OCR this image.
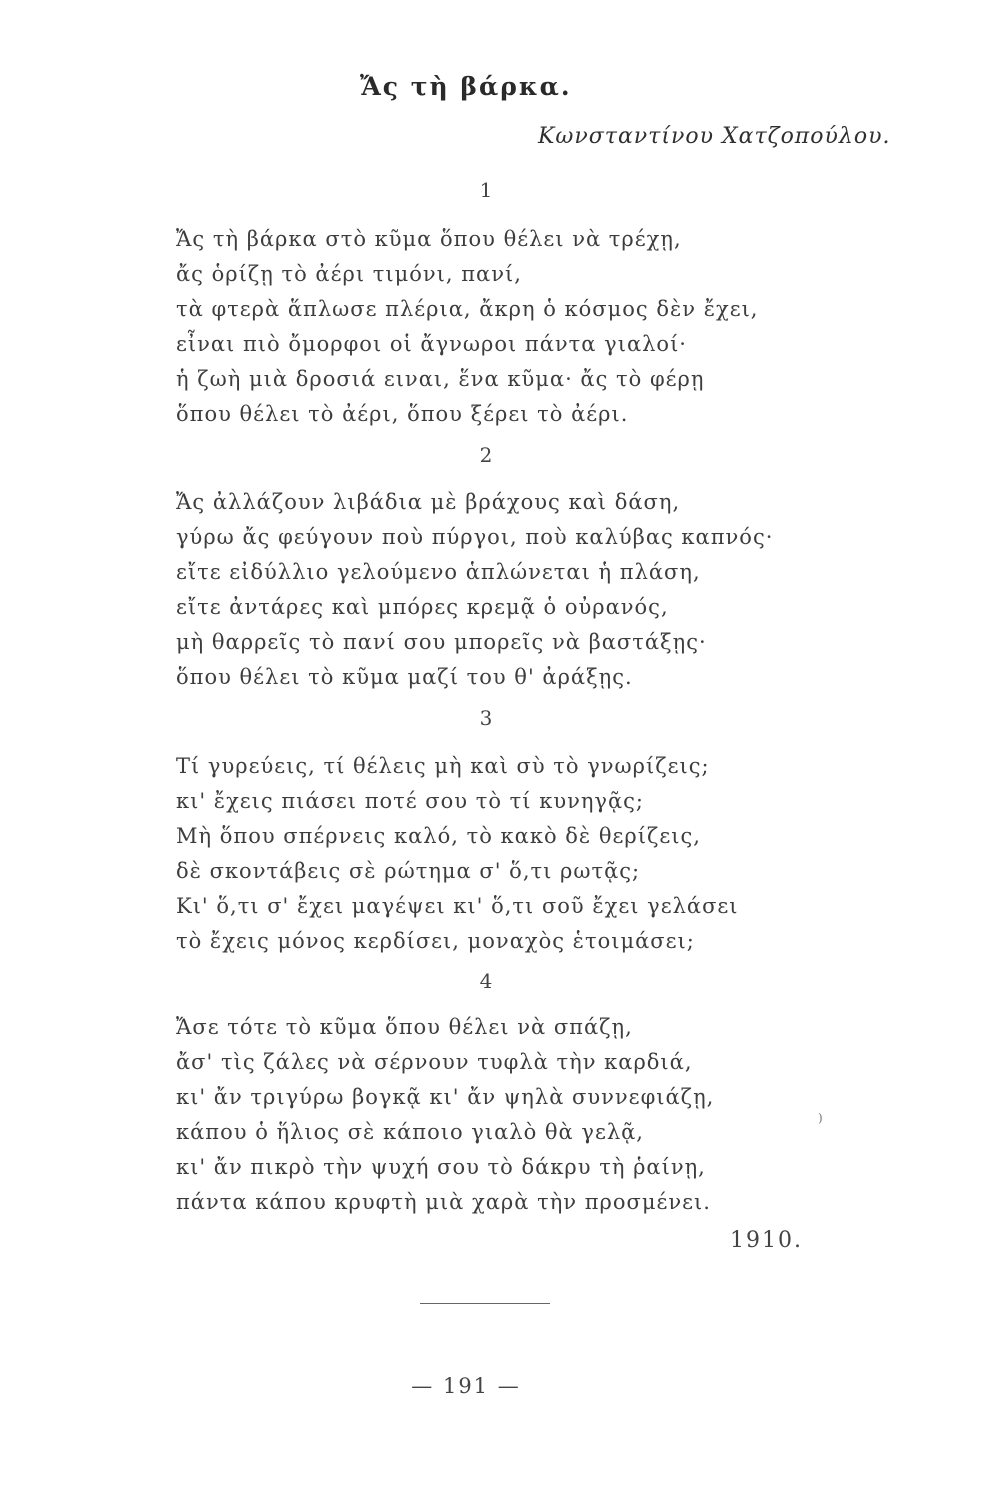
Ἄς τὴ βάρκα.
Κωνσταντίνου Χατζοπούλου.
1
Ἄς τὴ βάρκα στὸ κῦμα ὅπου θέλει νὰ τρέχῃ,
ἄς ὁρίζῃ τὸ ἀέρι τιμόνι, πανί,
τὰ φτερὰ ἅπλωσε πλέρια, ἄκρη ὁ κόσμος δὲν ἔχει,
εἶναι πιὸ ὄμορφοι οἱ ἄγνωροι πάντα γιαλοί·
ἡ ζωὴ μιὰ δροσιά ειναι, ἕνα κῦμα· ἄς τὸ φέρῃ
ὅπου θέλει τὸ ἀέρι, ὅπου ξέρει τὸ ἀέρι.
2
Ἄς ἀλλάζουν λιβάδια μὲ βράχους καὶ δάση,
γύρω ἄς φεύγουν ποὺ πύργοι, ποὺ καλύβας καπνός·
εἴτε εἰδύλλιο γελούμενο ἁπλώνεται ἡ πλάση,
εἴτε ἀντάρες καὶ μπόρες κρεμᾷ ὁ οὐρανός,
μὴ θαρρεῖς τὸ πανί σου μπορεῖς νὰ βαστάξῃς·
ὅπου θέλει τὸ κῦμα μαζί του θ' ἀράξῃς.
3
Τί γυρεύεις, τί θέλεις μὴ καὶ σὺ τὸ γνωρίζεις;
κι' ἔχεις πιάσει ποτέ σου τὸ τί κυνηγᾷς;
Μὴ ὅπου σπέρνεις καλό, τὸ κακὸ δὲ θερίζεις,
δὲ σκοντάβεις σὲ ρώτημα σ' ὅ,τι ρωτᾷς;
Κι' ὅ,τι σ' ἔχει μαγέψει κι' ὅ,τι σοῦ ἔχει γελάσει
τὸ ἔχεις μόνος κερδίσει, μοναχὸς ἑτοιμάσει;
4
Ἄσε τότε τὸ κῦμα ὅπου θέλει νὰ σπάζῃ,
ἄσ' τὶς ζάλες νὰ σέρνουν τυφλὰ τὴν καρδιά,
κι' ἄν τριγύρω βογκᾷ κι' ἄν ψηλὰ συννεφιάζῃ,
κάπου ὁ ἥλιος σὲ κάποιο γιαλὸ θὰ γελᾷ,
κι' ἄν πικρὸ τὴν ψυχή σου τὸ δάκρυ τὴ ῥαίνῃ,
πάντα κάπου κρυφτὴ μιὰ χαρὰ τὴν προσμένει.
)
1910.
— 191 —
